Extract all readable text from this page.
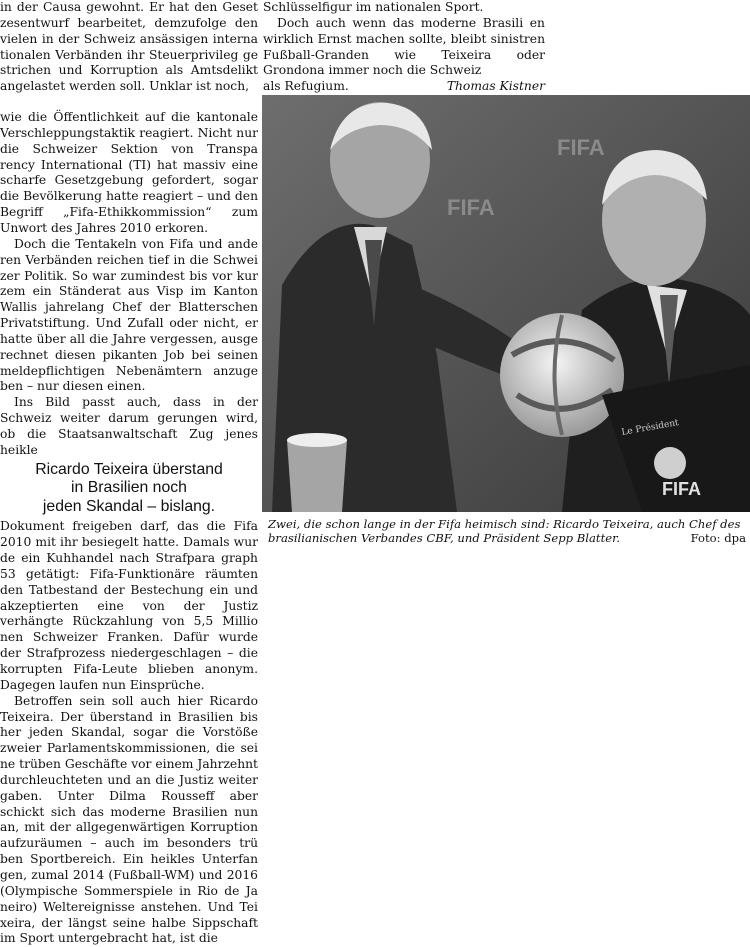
in der Causa gewohnt. Er hat den Geset zesentwurf bearbeitet, demzufolge den vielen in der Schweiz ansässigen interna tionalen Verbänden ihr Steuerprivileg ge strichen und Korruption als Amtsdelikt angelastet werden soll. Unklar ist noch,

wie die Öffentlichkeit auf die kantonale Verschleppungstaktik reagiert. Nicht nur die Schweizer Sektion von Transpa rency International (TI) hat massiv eine scharfe Gesetzgebung gefordert, sogar die Bevölkerung hatte reagiert – und den Begriff „Fifa-Ethikkommission“ zum Unwort des Jahres 2010 erkoren.

Doch die Tentakeln von Fifa und ande ren Verbänden reichen tief in die Schwei zer Politik. So war zumindest bis vor kur zem ein Ständerat aus Visp im Kanton Wallis jahrelang Chef der Blatterschen Privatstiftung. Und Zufall oder nicht, er hatte über all die Jahre vergessen, ausge rechnet diesen pikanten Job bei seinen meldepflichtigen Nebenämtern anzuge ben – nur diesen einen.

Ins Bild passt auch, dass in der Schweiz weiter darum gerungen wird, ob die Staatsanwaltschaft Zug jenes heikle

Ricardo Teixeira überstand
in Brasilien noch
jeden Skandal – bislang.

Dokument freigeben darf, das die Fifa 2010 mit ihr besiegelt hatte. Damals wur de ein Kuhhandel nach Strafpara graph 53 getätigt: Fifa-Funktionäre räumten den Tatbestand der Bestechung ein und akzeptierten eine von der Justiz verhängte Rückzahlung von 5,5 Millio nen Schweizer Franken. Dafür wurde der Strafprozess niedergeschlagen – die korrupten Fifa-Leute blieben anonym. Dagegen laufen nun Einsprüche.

Betroffen sein soll auch hier Ricardo Teixeira. Der überstand in Brasilien bis her jeden Skandal, sogar die Vorstöße zweier Parlamentskommissionen, die sei ne trüben Geschäfte vor einem Jahrzehnt durchleuchteten und an die Justiz weiter gaben. Unter Dilma Rousseff aber schickt sich das moderne Brasilien nun an, mit der allgegenwärtigen Korruption aufzuräumen – auch im besonders trü ben Sportbereich. Ein heikles Unterfan gen, zumal 2014 (Fußball-WM) und 2016 (Olympische Sommerspiele in Rio de Ja neiro) Weltereignisse anstehen. Und Tei xeira, der längst seine halbe Sippschaft im Sport untergebracht hat, ist die

Schlüsselfigur im nationalen Sport.

Doch auch wenn das moderne Brasili en wirklich Ernst machen sollte, bleibt sinistren Fußball-Granden wie Teixeira oder Grondona immer noch die Schweiz

als Refugium.	Thomas Kistner
FIFA
FIFA
Le Président
FIFA
Zwei, die schon lange in der Fifa heimisch sind: Ricardo Teixeira, auch Chef des brasilianischen Verbandes CBF, und Präsident Sepp Blatter.	Foto: dpa
